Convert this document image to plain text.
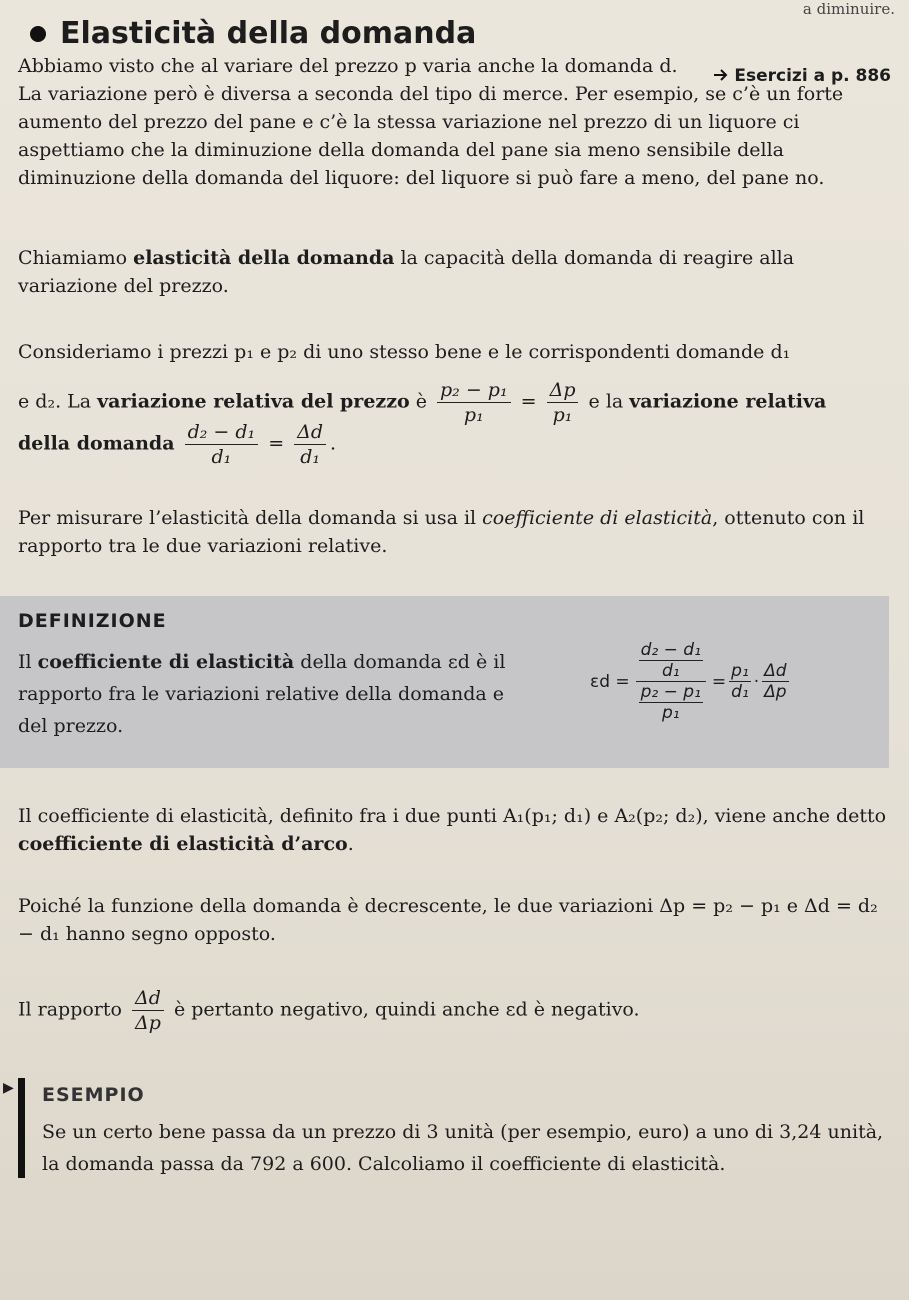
a diminuire.
Elasticità della domanda
Esercizi a p. 886

Abbiamo visto che al variare del prezzo p varia anche la domanda d.

La variazione però è diversa a seconda del tipo di merce. Per esempio, se c’è un forte aumento del prezzo del pane e c’è la stessa variazione nel prezzo di un liquore ci aspettiamo che la diminuzione della domanda del pane sia meno sensibile della diminuzione della domanda del liquore: del liquore si può fare a meno, del pane no.

Chiamiamo elasticità della domanda la capacità della domanda di reagire alla variazione del prezzo.

Consideriamo i prezzi p₁ e p₂ di uno stesso bene e le corrispondenti domande d₁

e d₂. La variazione relativa del prezzo è $\frac{\text{p₂ − p₁}}{\text{p₁}} = \frac{\Delta p}{\text{p₁}}$ e la variazione relativa
della domanda $\frac{\text{d₂ − d₁}}{\text{d₁}} = \frac{\Delta d}{\text{d₁}}$ .

Per misurare l’elasticità della domanda si usa il coefficiente di elasticità, ottenuto con il rapporto tra le due variazioni relative.

DEFINIZIONE
Il coefficiente di elasticità della domanda εd è il rapporto fra le variazioni relative della domanda e del prezzo.
$\varepsilon d = \frac{\frac{\text{d₂ − d₁}}{\text{d₁}}}{\frac{\text{p₂ − p₁}}{\text{p₁}}} = \frac{\text{p₁}}{\text{d₁}} \cdot \frac{\Delta d}{\Delta p}$

Il coefficiente di elasticità, definito fra i due punti A₁(p₁; d₁) e A₂(p₂; d₂), viene anche detto coefficiente di elasticità d’arco.

Poiché la funzione della domanda è decrescente, le due variazioni Δp = p₂ − p₁ e Δd = d₂ − d₁ hanno segno opposto.

Il rapporto $\frac{\Delta d}{\Delta p}$ è pertanto negativo, quindi anche εd è negativo.
▶ ESEMPIO
Se un certo bene passa da un prezzo di 3 unità (per esempio, euro) a uno di 3,24 unità, la domanda passa da 792 a 600. Calcoliamo il coefficiente di elasticità.
